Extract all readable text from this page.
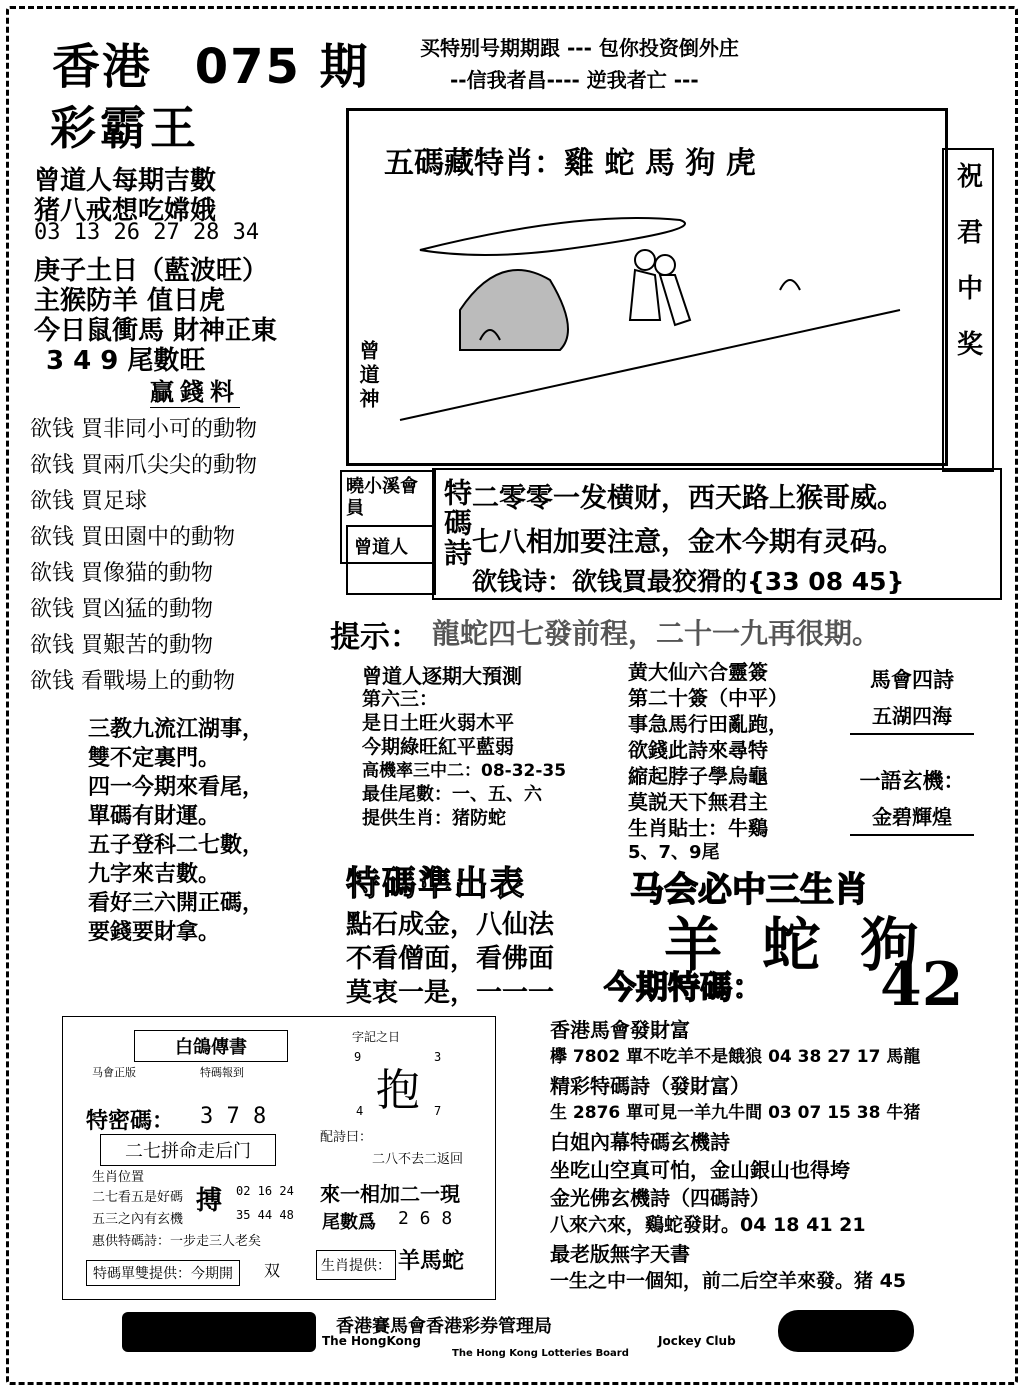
香港 075 期
彩霸王
买特别号期期跟 --- 包你投资倒外庄
--信我者昌---- 逆我者亡 ---
曾道人每期吉數
猪八戒想吃嫦娥
03 13 26 27 28 34
庚子土日（藍波旺）
主猴防羊 值日虎
今日鼠衝馬 財神正東
3 4 9 尾數旺
贏錢料
欲钱 買非同小可的動物
欲钱 買兩爪尖尖的動物
欲钱 買足球
欲钱 買田園中的動物
欲钱 買像猫的動物
欲钱 買凶猛的動物
欲钱 買艱苦的動物
欲钱 看戰場上的動物
五碼藏特肖：雞 蛇 馬 狗 虎
曾道神	祝君中奖
曉小溪會員
曾道人	特碼詩 二零零一发横财，西天路上猴哥威。
七八相加要注意，金木今期有灵码。
欲钱诗：欲钱買最狡猾的{33 08 45}
提示： 龍蛇四七發前程，二十一九再很期。
三教九流江湖事，
雙不定裏門。
四一今期來看尾，
單碼有財運。
五子登科二七數，
九字來吉數。
看好三六開正碼，
要錢要財拿。
曾道人逐期大預測
第六三：
是日土旺火弱木平
今期綠旺紅平藍弱
高機率三中二：08-32-35
最佳尾數：一、五、六
提供生肖：猪防蛇
黄大仙六合靈簽
第二十簽（中平）
事急馬行田亂跑，
欲錢此詩來尋特
縮起脖子學烏龜
莫説天下無君主
生肖貼士：牛鷄
5、7、9尾
馬會四詩
五湖四海
一語玄機：
金碧輝煌
特碼準出表
點石成金，八仙法
不看僧面，看佛面
莫衷一是，一一一
马会必中三生肖
羊 蛇 狗
今期特碼： 42
白鴿傳書
马會正版	特碼報到
特密碼： 3 7 8
二七拼命走后门
生肖位置
二七看五是好碼
五三之內有玄機
搏 02 16 24
35 44 48
惠供特碼詩：一步走三人老矣
特碼單雙提供：今期開	双
字記之日
9	3
抱
4	7
配詩曰：
二八不去二返回
來一相加二一現
尾數爲 2 6 8
生肖提供： 羊馬蛇
香港馬會發財富
欅 7802 單不吃羊不是餓狼 04 38 27 17 馬龍
精彩特碼詩（發財富）
生 2876 單可見一羊九牛間 03 07 15 38 牛猪
白姐內幕特碼玄機詩
坐吃山空真可怕，金山銀山也得垮
金光佛玄機詩（四碼詩）
八來六來，鷄蛇發財。04 18 41 21
最老版無字天書
一生之中一個知，前二后空羊來發。猪 45
香港賽馬會香港彩券管理局
The HongKong	Jockey Club
The Hong Kong Lotteries Board
